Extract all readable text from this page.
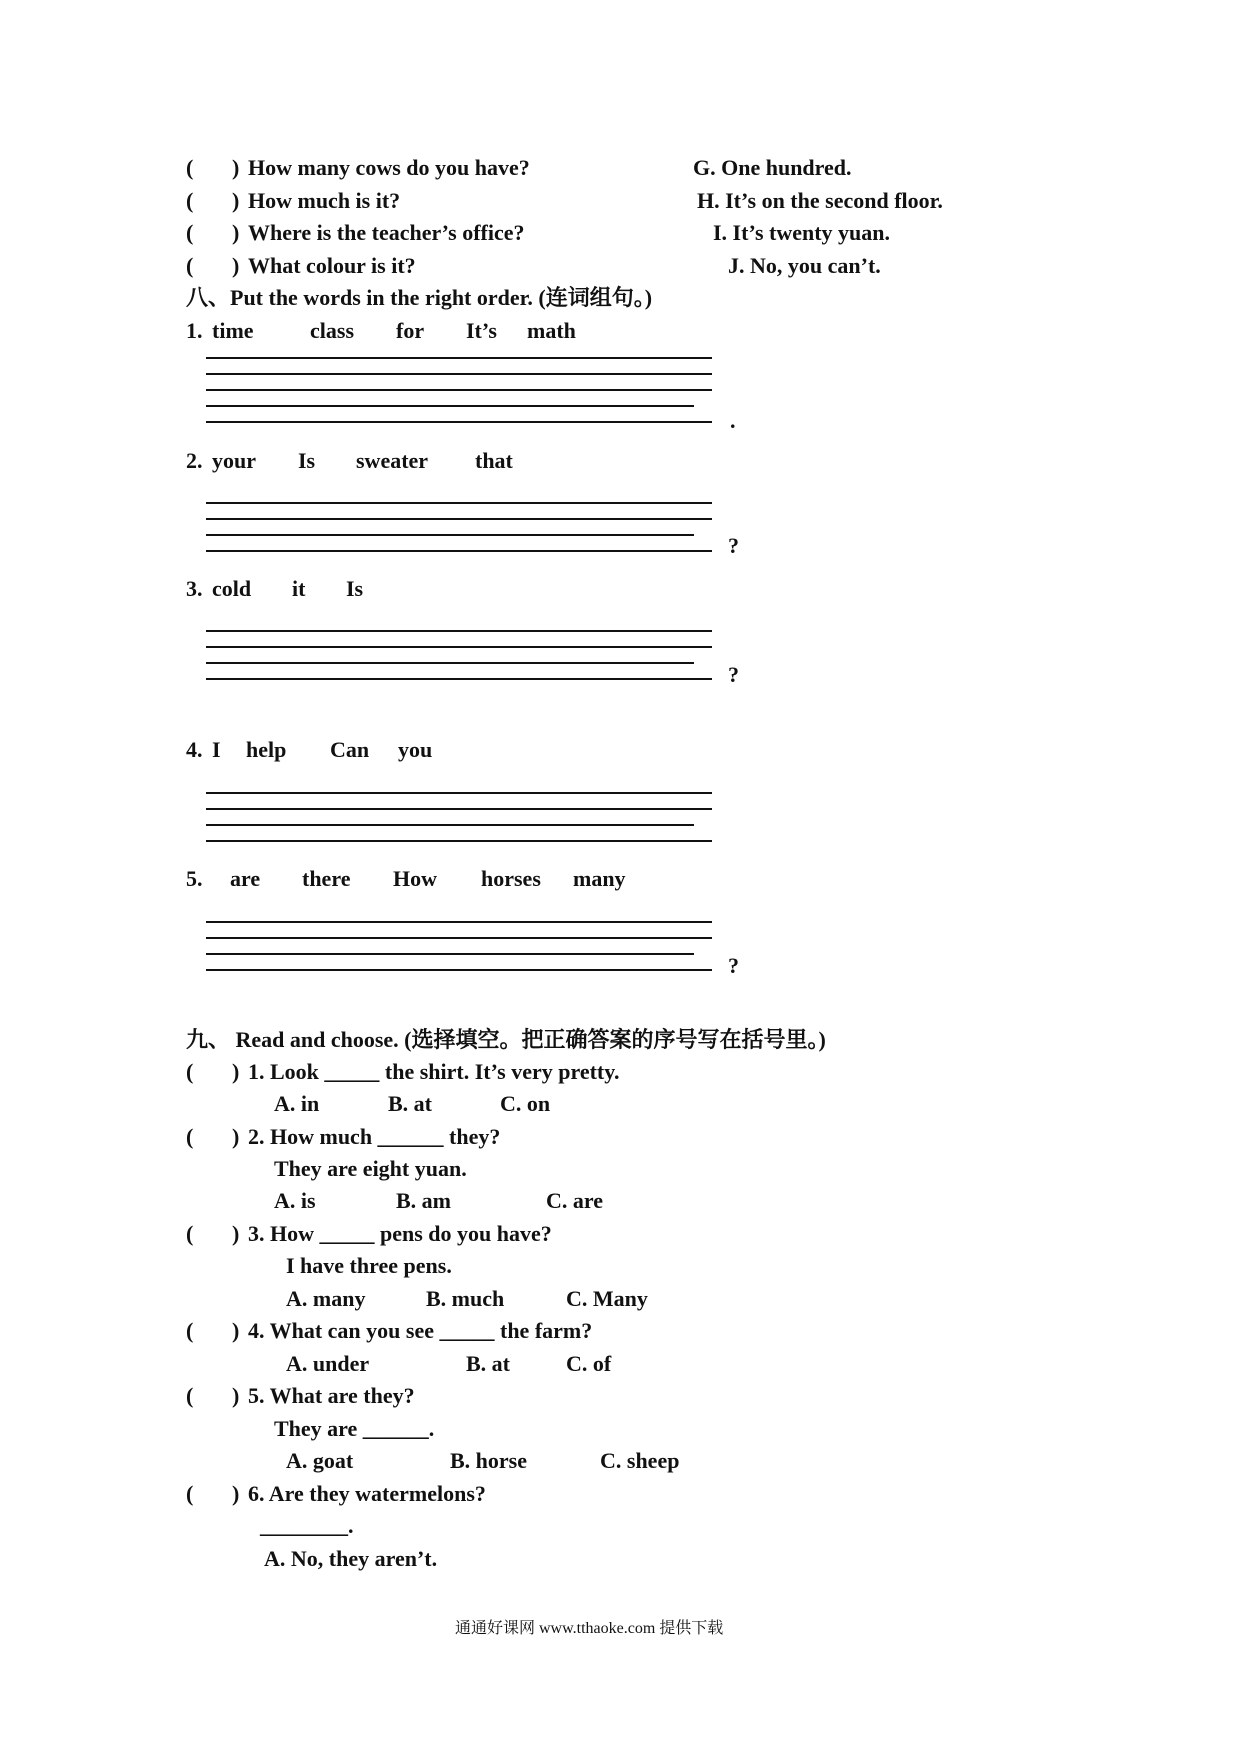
( ) How many cows do you have?	G. One hundred.
( ) How much is it?	H. It’s on the second floor.
( ) Where is the teacher’s office?	I. It’s twenty yuan.
( ) What colour is it?	J. No, you can’t.
八、Put the words in the right order. (连词组句。)
1. time	class for It’s math
.
2. your Is sweater that
?
3. cold it Is
?
4. I help Can you
5. are there How horses many
?
九、 Read and choose. (选择填空。把正确答案的序号写在括号里。)
( ) 1. Look _____ the shirt. It’s very pretty.
A. in	B. at	C. on
( ) 2. How much ______ they?
They are eight yuan.
A. is	B. am	C. are
( ) 3. How _____ pens do you have?
I have three pens.
A. many	B. much	C. Many
( ) 4. What can you see _____ the farm?
A. under	B. at	C. of
( ) 5. What are they?
They are ______.
A. goat	B. horse	C. sheep
( ) 6. Are they watermelons?
________.
A. No, they aren’t.
通通好课网 www.tthaoke.com 提供下载
